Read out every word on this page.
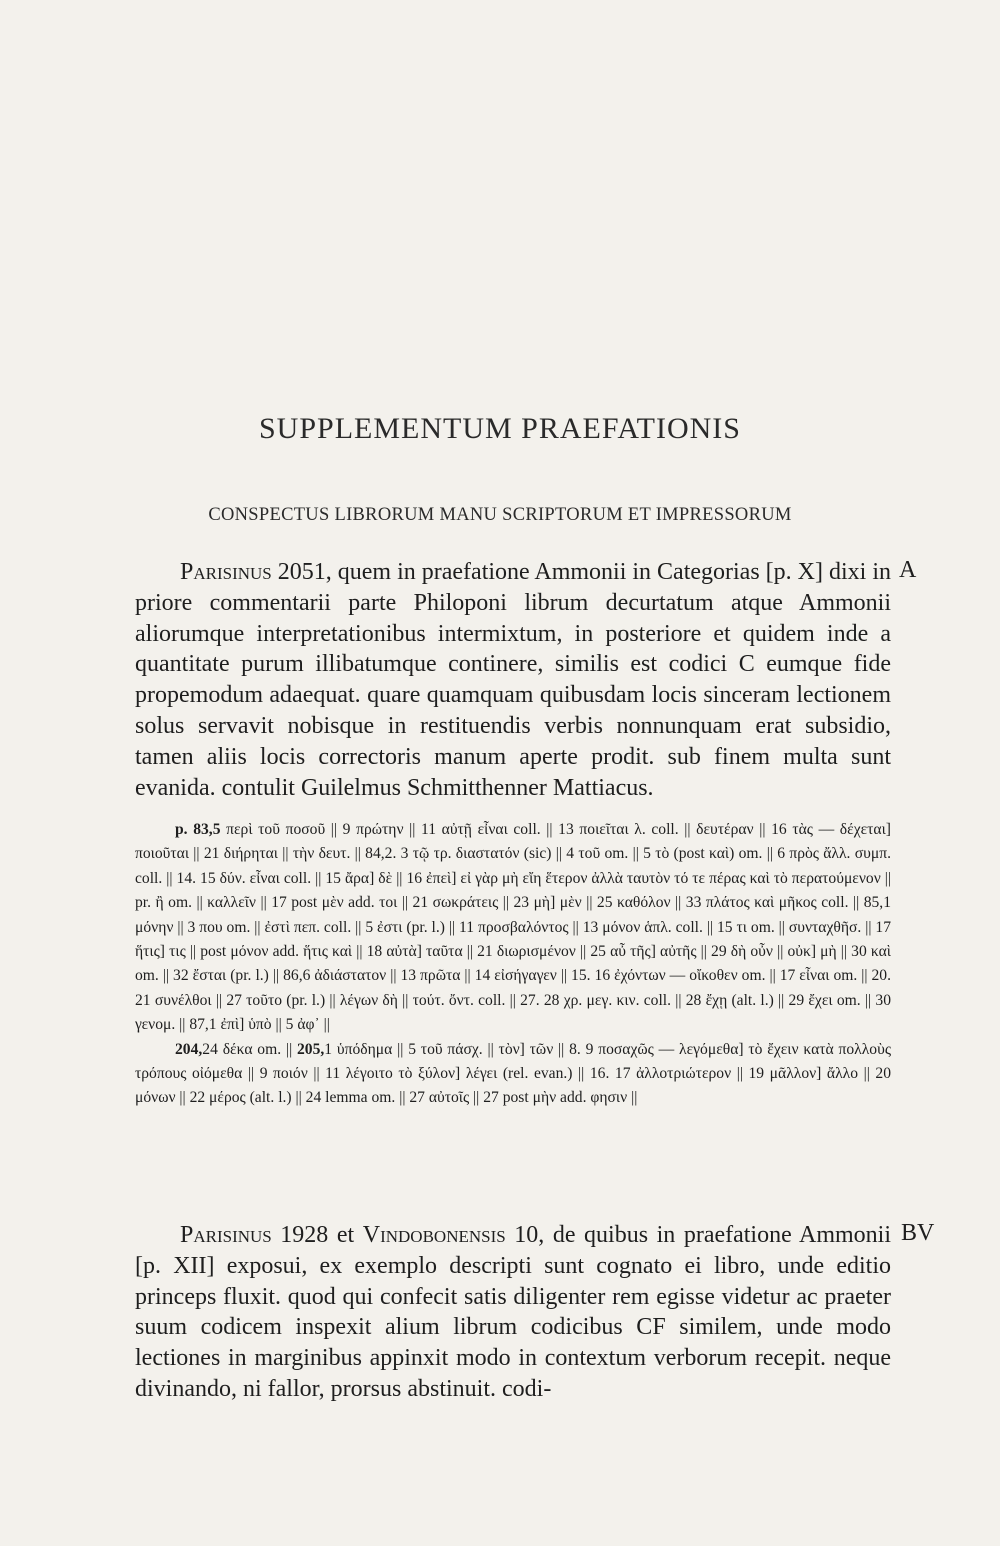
SUPPLEMENTUM PRAEFATIONIS
CONSPECTUS LIBRORUM MANU SCRIPTORUM ET IMPRESSORUM

Parisinus 2051, quem in praefatione Ammonii in Categorias [p. X] dixi in priore commentarii parte Philoponi librum decurtatum atque Ammonii aliorumque interpretationibus intermixtum, in posteriore et quidem inde a quantitate purum illibatumque continere, similis est codici C eumque fide propemodum adaequat. quare quamquam quibusdam locis sinceram lectionem solus servavit nobisque in restituendis verbis nonnunquam erat subsidio, tamen aliis locis correctoris manum aperte prodit. sub finem multa sunt evanida. contulit Guilelmus Schmitthenner Mattiacus.

A

p. 83,5 περὶ τοῦ ποσοῦ || 9 πρώτην || 11 αὐτῇ εἶναι coll. || 13 ποιεῖται λ. coll. || δευτέραν || 16 τὰς — δέχεται] ποιοῦται || 21 διήρηται || τὴν δευτ. || 84,2. 3 τῷ τρ. διαστατόν (sic) || 4 τοῦ om. || 5 τὸ (post καὶ) om. || 6 πρὸς ἄλλ. συμπ. coll. || 14. 15 δύν. εἶναι coll. || 15 ἄρα] δὲ || 16 ἐπεὶ] εἰ γὰρ μὴ εἴη ἕτερον ἀλλὰ ταυτὸν τό τε πέρας καὶ τὸ περατούμενον || pr. ἢ om. || καλλεῖν || 17 post μὲν add. τοι || 21 σωκράτεις || 23 μὴ] μὲν || 25 καθόλον || 33 πλάτος καὶ μῆκος coll. || 85,1 μόνην || 3 που om. || ἐστὶ πεπ. coll. || 5 ἐστι (pr. l.) || 11 προσβαλόντος || 13 μόνον ἁπλ. coll. || 15 τι om. || συνταχθῆσ. || 17 ἥτις] τις || post μόνον add. ἥτις καὶ || 18 αὐτὰ] ταῦτα || 21 διωρισμένον || 25 αὖ τῆς] αὐτῆς || 29 δὴ οὖν || οὐκ] μὴ || 30 καὶ om. || 32 ἔσται (pr. l.) || 86,6 ἀδιάστατον || 13 πρῶτα || 14 εἰσήγαγεν || 15. 16 ἐχόντων — οἴκοθεν om. || 17 εἶναι om. || 20. 21 συνέλθοι || 27 τοῦτο (pr. l.) || λέγων δὴ || τούτ. ὄντ. coll. || 27. 28 χρ. μεγ. κιν. coll. || 28 ἔχῃ (alt. l.) || 29 ἔχει om. || 30 γενομ. || 87,1 ἐπὶ] ὑπὸ || 5 ἀφ᾽ ||

204,24 δέκα om. || 205,1 ὑπόδημα || 5 τοῦ πάσχ. || τὸν] τῶν || 8. 9 ποσαχῶς — λεγόμεθα] τὸ ἔχειν κατὰ πολλοὺς τρόπους οἰόμεθα || 9 ποιόν || 11 λέγοιτο τὸ ξύλον] λέγει (rel. evan.) || 16. 17 ἀλλοτριώτερον || 19 μᾶλλον] ἄλλο || 20 μόνων || 22 μέρος (alt. l.) || 24 lemma om. || 27 αὐτοῖς || 27 post μὴν add. φησιν ||

Parisinus 1928 et Vindobonensis 10, de quibus in praefatione Ammonii [p. XII] exposui, ex exemplo descripti sunt cognato ei libro, unde editio princeps fluxit. quod qui confecit satis diligenter rem egisse videtur ac praeter suum codicem inspexit alium librum codicibus CF similem, unde modo lectiones in marginibus appinxit modo in contextum verborum recepit. neque divinando, ni fallor, prorsus abstinuit. codi-

BV
